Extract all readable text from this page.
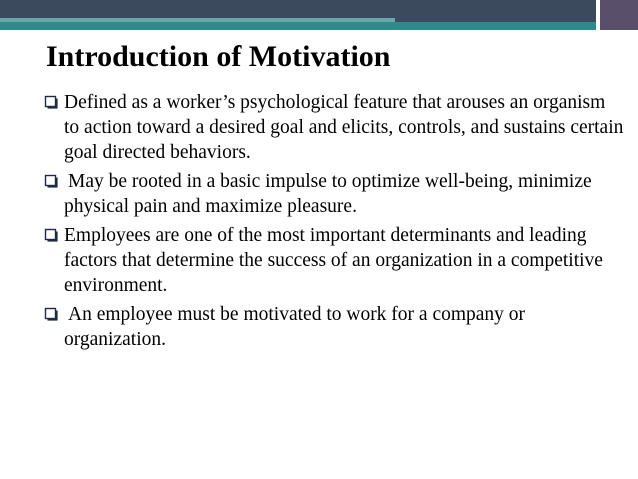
Introduction of Motivation
Defined as a worker’s psychological feature that arouses an organism to action toward a desired goal and elicits, controls, and sustains certain goal directed behaviors.
May be rooted in a basic impulse to optimize well-being, minimize physical pain and maximize pleasure.
Employees are one of the most important determinants and leading factors that determine the success of an organization in a competitive environment.
An employee must be motivated to work for a company or organization.
